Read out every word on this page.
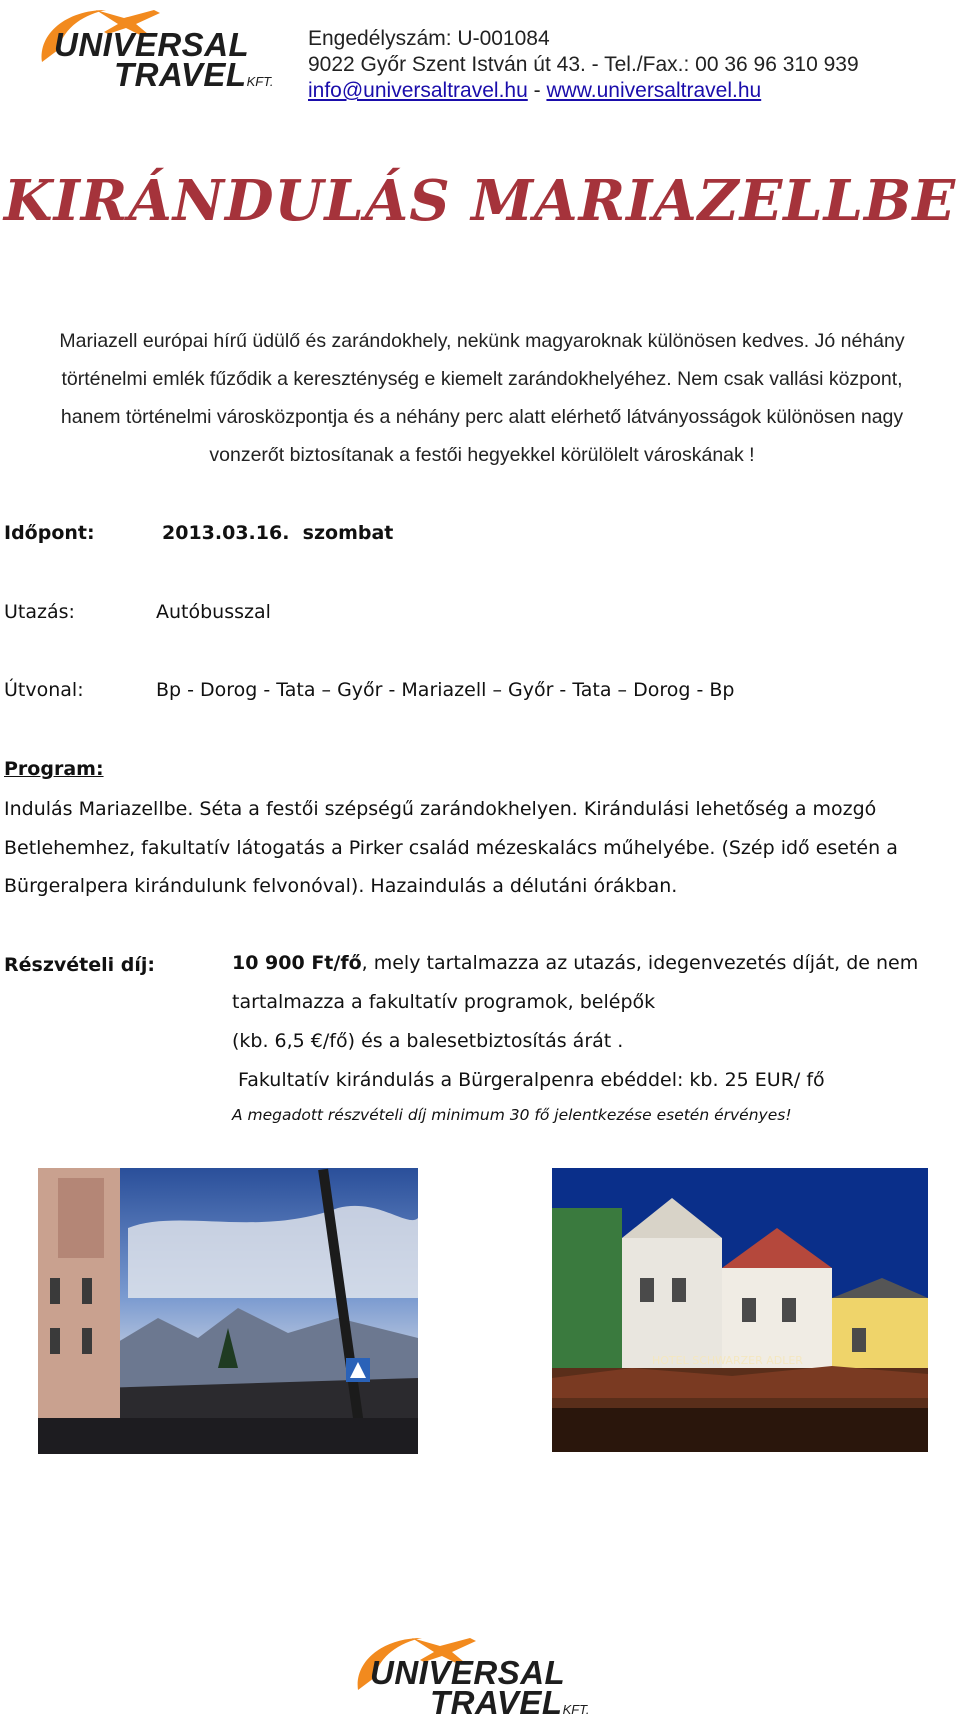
UNIVERSAL
TRAVELKFT.
Engedélyszám: U-001084
9022 Győr Szent István út 43. - Tel./Fax.: 00 36 96 310 939
info@universaltravel.hu - www.universaltravel.hu
KIRÁNDULÁS MARIAZELLBE
Mariazell európai hírű üdülő és zarándokhely, nekünk magyaroknak különösen kedves. Jó néhány
történelmi emlék fűződik a kereszténység e kiemelt zarándokhelyéhez. Nem csak vallási központ,
hanem történelmi városközpontja és a néhány perc alatt elérhető látványosságok különösen nagy
vonzerőt biztosítanak a festői hegyekkel körülölelt városkának !
Időpont:	2013.03.16. szombat
Utazás:	Autóbusszal
Útvonal:	Bp - Dorog - Tata – Győr - Mariazell – Győr - Tata – Dorog - Bp
Program:
Indulás Mariazellbe. Séta a festői szépségű zarándokhelyen. Kirándulási lehetőség a mozgó
Betlehemhez, fakultatív látogatás a Pirker család mézeskalács műhelyébe. (Szép idő esetén a
Bürgeralpera kirándulunk felvonóval). Hazaindulás a délutáni órákban.
Részvételi díj:	10 900 Ft/fő, mely tartalmazza az utazás, idegenvezetés díját, de nem
tartalmazza a fakultatív programok, belépők
(kb. 6,5 €/fő) és a balesetbiztosítás árát .
Fakultatív kirándulás a Bürgeralpenra ebéddel: kb. 25 EUR/ fő
A megadott részvételi díj minimum 30 fő jelentkezése esetén érvényes!
HOTEL SCHWARZER ADLER
UNIVERSAL
TRAVELKFT.
